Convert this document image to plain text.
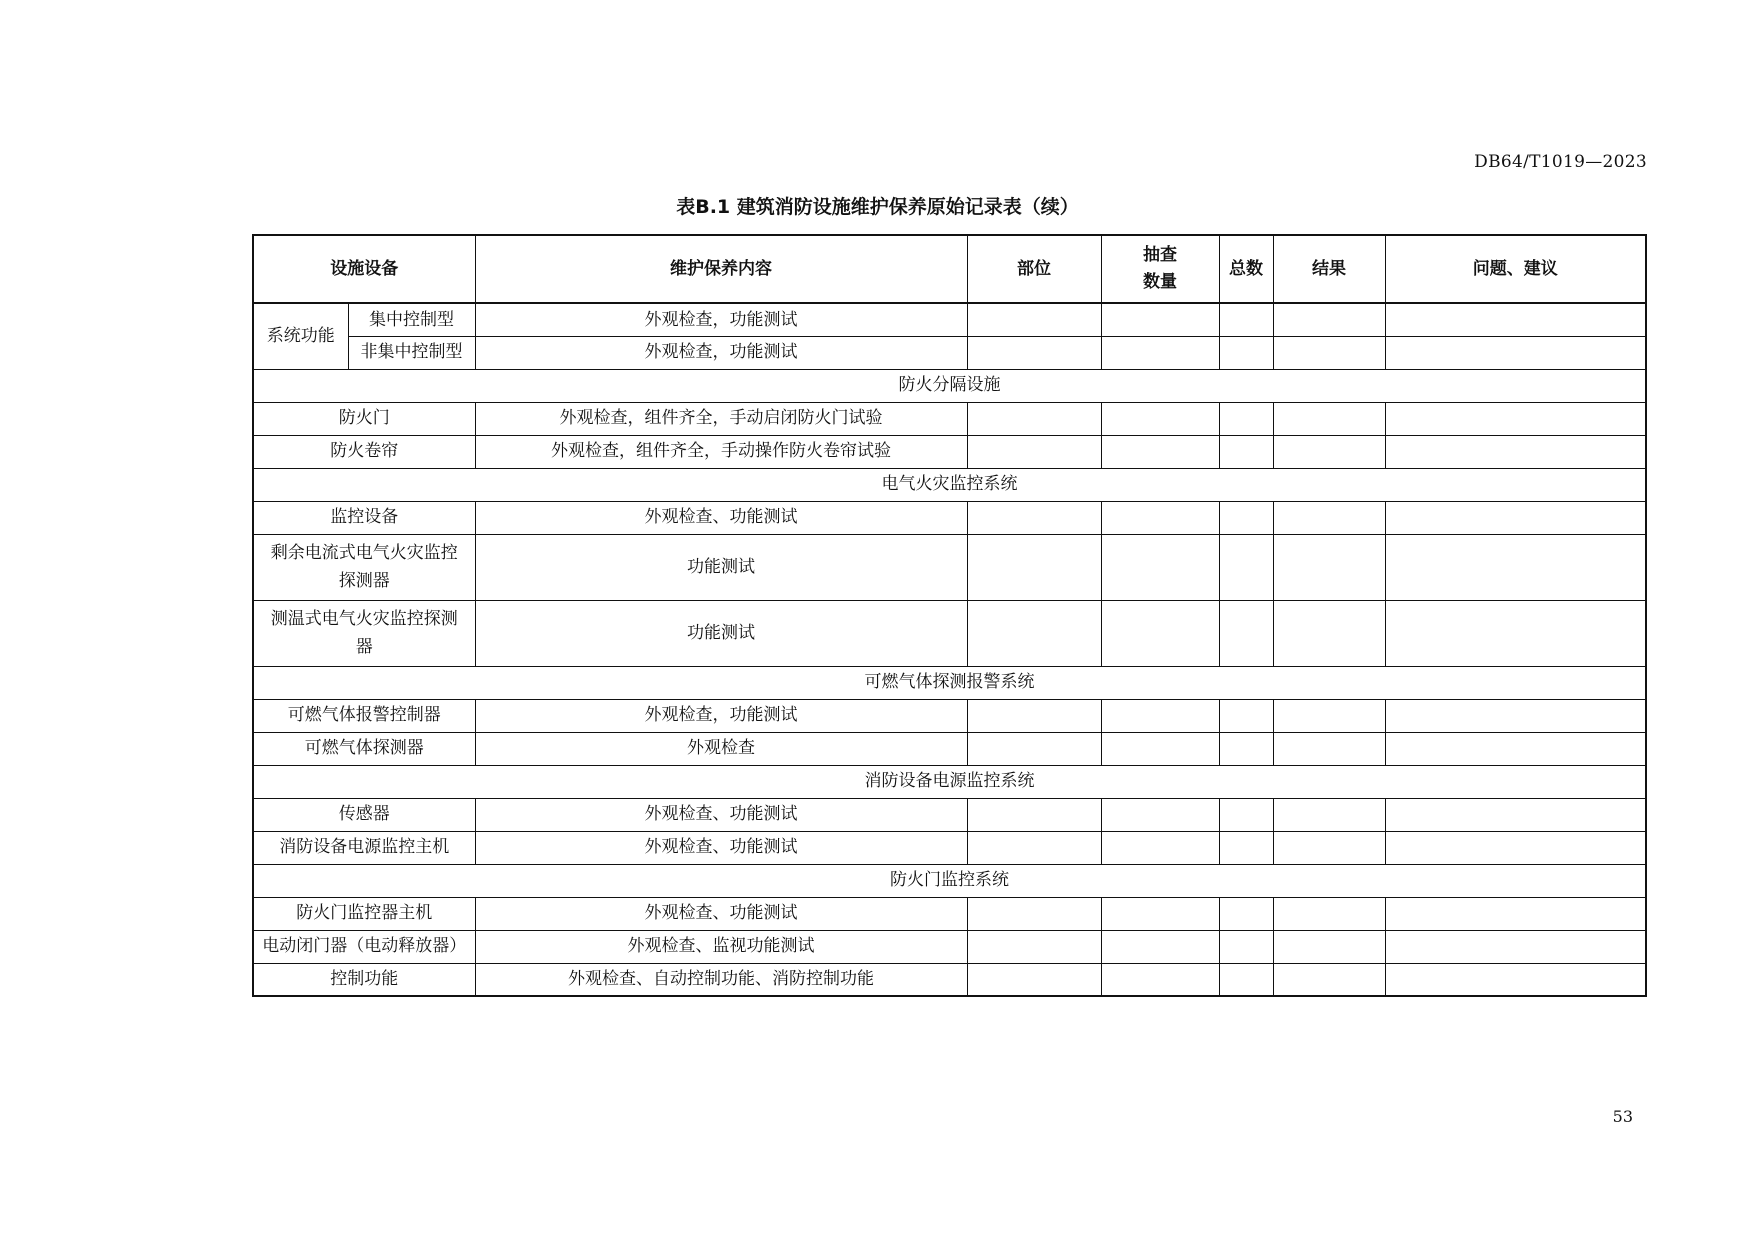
DB64/T1019—2023
表B.1 建筑消防设施维护保养原始记录表（续）
设施设备		维护保养内容	部位	抽查
数量	总数	结果	问题、建议
系统功能	集中控制型	外观检查，功能测试					
	非集中控制型	外观检查，功能测试					
防火分隔设施							
防火门		外观检查，组件齐全，手动启闭防火门试验					
防火卷帘		外观检查，组件齐全，手动操作防火卷帘试验					
电气火灾监控系统							
监控设备		外观检查、功能测试					

剩余电流式电气火灾监控
探测器		功能测试					

测温式电气火灾监控探测
器		功能测试					
可燃气体探测报警系统							
可燃气体报警控制器		外观检查，功能测试					
可燃气体探测器		外观检查					
消防设备电源监控系统							
传感器		外观检查、功能测试					
消防设备电源监控主机		外观检查、功能测试					
防火门监控系统							
防火门监控器主机		外观检查、功能测试					
电动闭门器（电动释放器）		外观检查、监视功能测试					
控制功能		外观检查、自动控制功能、消防控制功能					
53
